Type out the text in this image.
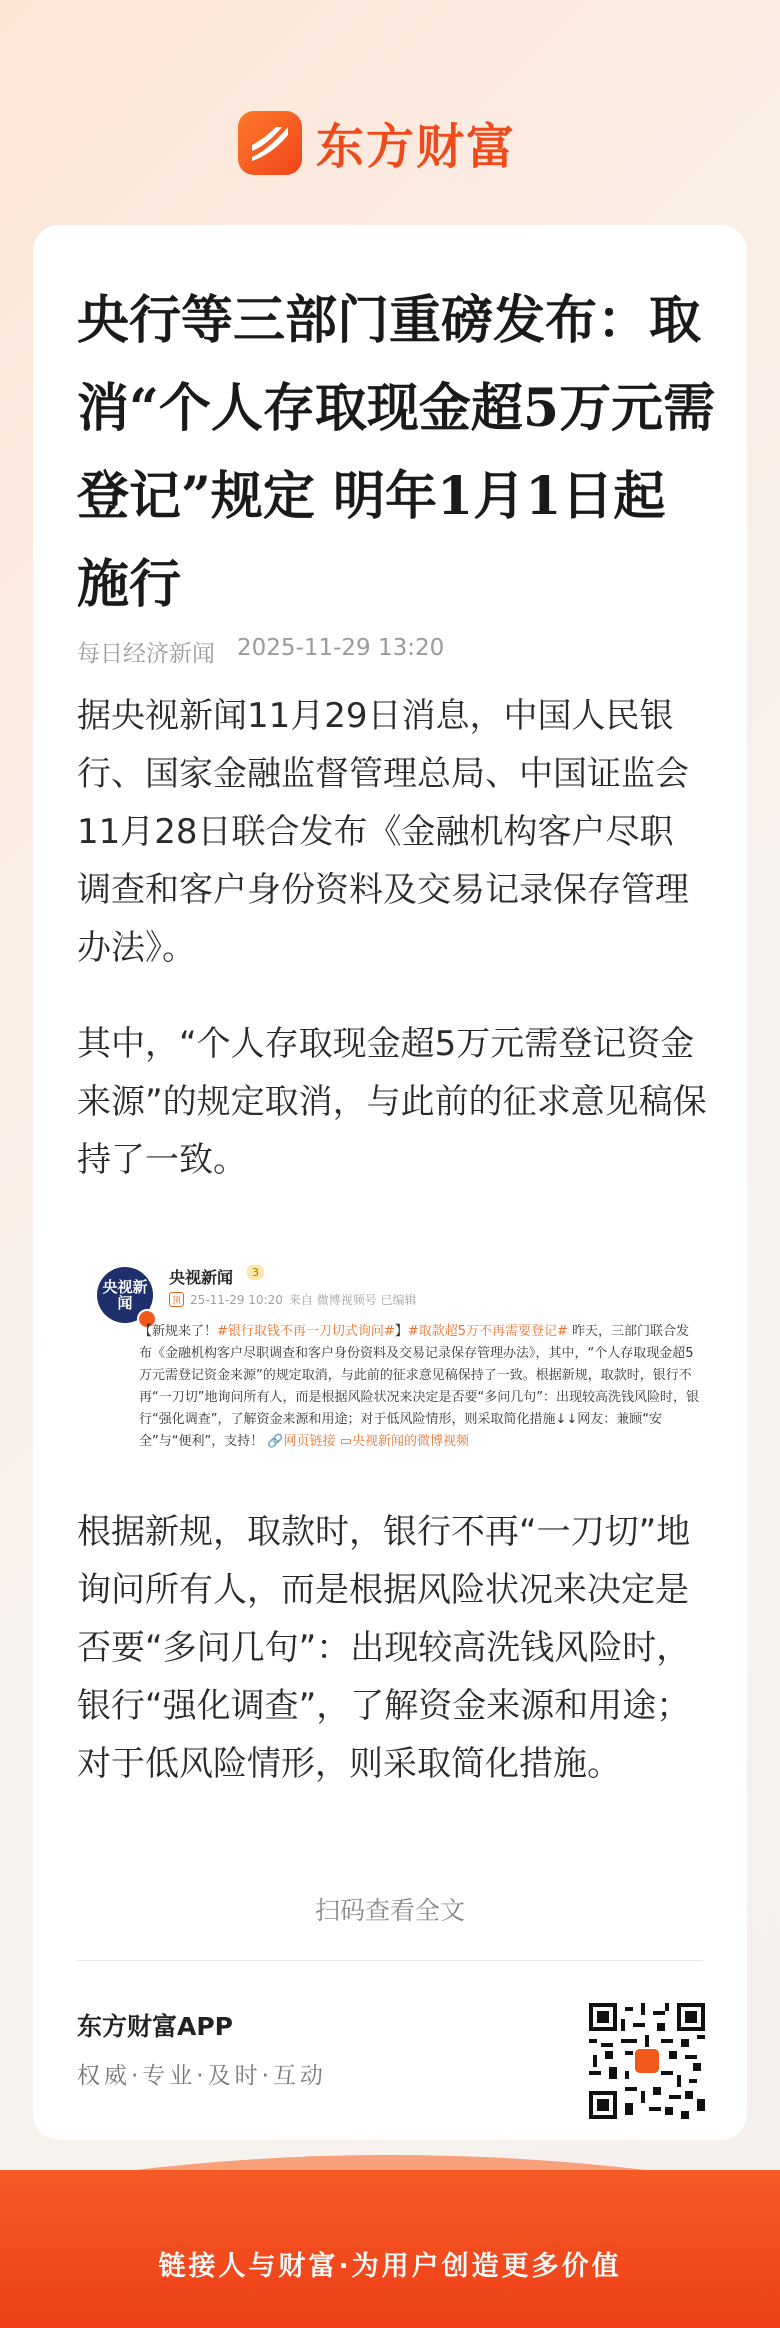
东方财富
央行等三部门重磅发布：取消“个人存取现金超5万元需登记”规定 明年1月1日起施行
每日经济新闻 2025-11-29 13:20

据央视新闻11月29日消息，中国人民银行、国家金融监督管理总局、中国证监会11月28日联合发布《金融机构客户尽职调查和客户身份资料及交易记录保存管理办法》。

其中，“个人存取现金超5万元需登记资金来源”的规定取消，与此前的征求意见稿保持了一致。

央视新闻
央视新闻	3
顶 25-11-29 10:20 来自 微博视频号 已编辑

【新规来了！#银行取钱不再一刀切式询问#】#取款超5万不再需要登记# 昨天，三部门联合发布《金融机构客户尽职调查和客户身份资料及交易记录保存管理办法》，其中，“个人存取现金超5万元需登记资金来源”的规定取消，与此前的征求意见稿保持了一致。根据新规，取款时，银行不再“一刀切”地询问所有人，而是根据风险状况来决定是否要“多问几句”：出现较高洗钱风险时，银行“强化调查”，了解资金来源和用途；对于低风险情形，则采取简化措施↓↓网友：兼顾“安全”与“便利”，支持！ 🔗网页链接 ▭央视新闻的微博视频

根据新规，取款时，银行不再“一刀切”地询问所有人，而是根据风险状况来决定是否要“多问几句”：出现较高洗钱风险时，银行“强化调查”，了解资金来源和用途；对于低风险情形，则采取简化措施。

扫码查看全文
东方财富APP
权威·专业·及时·互动
链接人与财富·为用户创造更多价值
